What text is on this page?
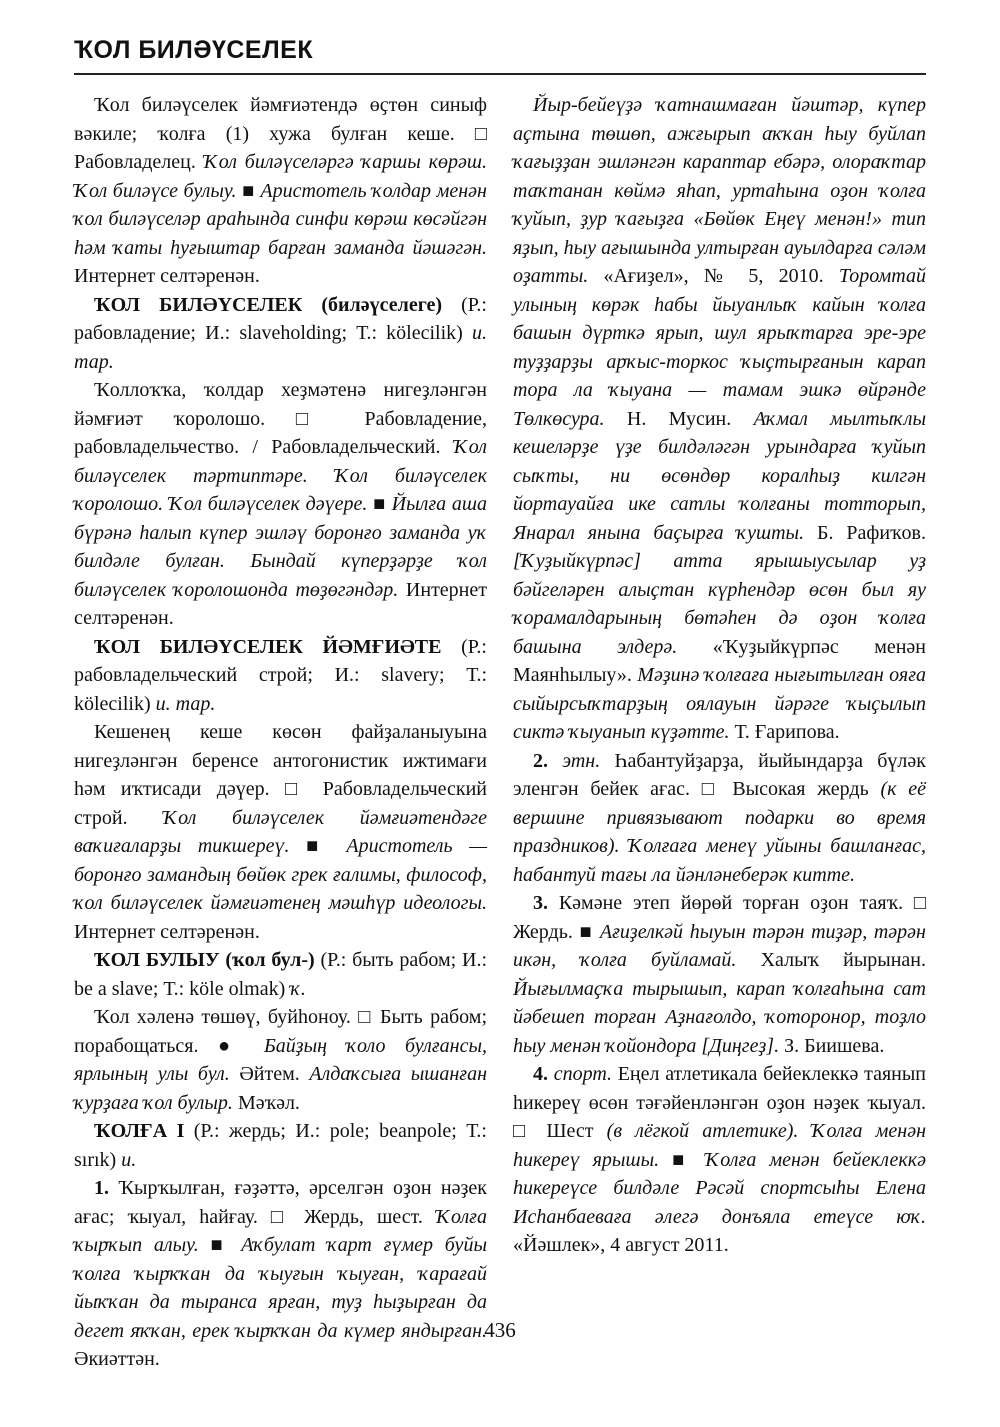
ҠОЛ БИЛӘҮСЕЛЕК

Ҡол биләүселек йәмғиәтендә өҫтөн синыф вәкиле; ҡолға (1) хужа булған кеше. □ Рабовладелец. Ҡол биләүселәргә ҡаршы көрәш. Ҡол биләүсе булыу. ■ Аристотель ҡолдар менән ҡол биләүселәр араһында синфи көрәш көсәйгән һәм ҡаты һуғыштар барған заманда йәшәгән. Интернет селтәренән.

ҠОЛ БИЛӘҮСЕЛЕК (биләүселеге) (Р.: рабовладение; И.: slaveholding; Т.: kölecilik) и. тар.

Ҡоллоҡҡа, ҡолдар хеҙмәтенә нигеҙләнгән йәмғиәт ҡоролошо. □ Рабовладение, рабовладельчество. / Рабовладельческий. Ҡол биләүселек тәртиптәре. Ҡол биләүселек ҡоролошо. Ҡол биләүселек дәүере. ■ Йылға аша бүрәнә һалып күпер эшләү боронғо заманда уҡ билдәле булған. Бындай күперҙәрҙе ҡол биләүселек ҡоролошонда төҙөгәндәр. Интернет селтәренән.

ҠОЛ БИЛӘҮСЕЛЕК ЙӘМҒИӘТЕ (Р.: рабовладельческий строй; И.: slavery; Т.: kölecilik) и. тар.

Кешенең кеше көсөн файҙаланыуына нигеҙләнгән беренсе антогонистик ижтимағи һәм иҡтисади дәүер. □ Рабовладельческий строй. Ҡол биләүселек йәмғиәтендәге ваҡиғаларҙы тикшереү. ■ Аристотель — боронғо замандың бөйөк грек ғалимы, философ, ҡол биләүселек йәмғиәтенең мәшһүр идеологы. Интернет селтәренән.

ҠОЛ БУЛЫУ (ҡол бул-) (Р.: быть рабом; И.: be a slave; Т.: köle olmak) ҡ.

Ҡол хәленә төшөү, буйһоноу. □ Быть рабом; порабощаться. ● Байҙың ҡоло булғансы, ярлының улы бул. Әйтем. Алдаҡсыға ышанған ҡурҙаға ҡол булыр. Мәҡәл.

ҠОЛҒА I (Р.: жердь; И.: pole; beanpole; Т.: sırık) и.

1. Ҡырҡылған, ғәҙәттә, әрселгән оҙон нәҙек ағас; ҡыуал, һайғау. □ Жердь, шест. Ҡолға ҡырҡып алыу. ■ Аҡбулат ҡарт ғүмер буйы ҡолға ҡырҡҡан да ҡыуғын ҡыуған, ҡарағай йыҡҡан да тыранса ярған, туҙ һыҙырған да дегет яҡҡан, ерек ҡырҡҡан да күмер яндырған. Әкиәттән.

Йыр-бейеүҙә ҡатнашмаған йәштәр, күпер аҫтына төшөп, ажғырып аҡҡан һыу буйлап ҡағыҙҙан эшләнгән караптар ебәрә, олораҡтар таҡтанан көймә яһап, уртаһына оҙон ҡолға ҡуйып, ҙур ҡағыҙға «Бөйөк Еңеү менән!» тип яҙып, һыу ағышында ултырған ауылдарға сәләм оҙатты. «Ағиҙел», № 5, 2010. Торомтай улының көрәк һабы йыуанлыҡ кайын ҡолға башын дүрткә ярып, шул ярыҡтарға эре-эре туҙҙарҙы арҡыс-торкос ҡыҫтырғанын карап тора ла ҡыуана — тамам эшкә өйрәнде Төлкөсура. Н. Мусин. Аҡмал мылтыҡлы кешеләрҙе үҙе билдәләгән урындарға ҡуйып сыҡты, ни өсөндөр коралһыҙ килгән йортауайға ике сатлы ҡолғаны тотторып, Янарал янына баҫырға ҡушты. Б. Рафиҡов. [Ҡуҙыйкүрпәс] атта ярышыусылар уҙ бәйгеләрен алыҫтан күрһендәр өсөн был яу ҡорамалдарының бөтәһен дә оҙон ҡолға башына элдерә. «Ҡуҙыйкүрпәс менән Маянһылыу». Мәҙинә ҡолғаға нығытылған ояға сыйырсыҡтарҙың оялауын йәрәге ҡыҫылып сиктә ҡыуанып күҙәтте. Т. Ғарипова.

2. этн. Һабантуйҙарҙа, йыйындарҙа бүләк эленгән бейек ағас. □ Высокая жердь (к её вершине привязывают подарки во время праздников). Ҡолғаға менеү уйыны башланғас, һабантуй тағы ла йәнләнеберәк китте.

3. Кәмәне этеп йөрөй торған оҙон таяҡ. □ Жердь. ■ Ағиҙелкәй һыуын тәрән тиҙәр, тәрән икән, ҡолға буйламай. Халыҡ йырынан. Йығылмаҫҡа тырышып, карап ҡолғаһына сат йәбешеп торған Аҙнағолдо, ҡоторонор, тоҙло һыу менән ҡойондора [Диңгеҙ]. З. Биишева.

4. спорт. Еңел атлетикала бейеклеккә таянып һикереү өсөн тәғәйенләнгән оҙон нәҙек ҡыуал. □ Шест (в лёгкой атлетике). Ҡолға менән һикереү ярышы. ■ Ҡолға менән бейеклеккә һикереүсе билдәле Рәсәй спортсыһы Елена Исһанбаеваға әлегә донъяла етеүсе юҡ. «Йәшлек», 4 август 2011.

436
